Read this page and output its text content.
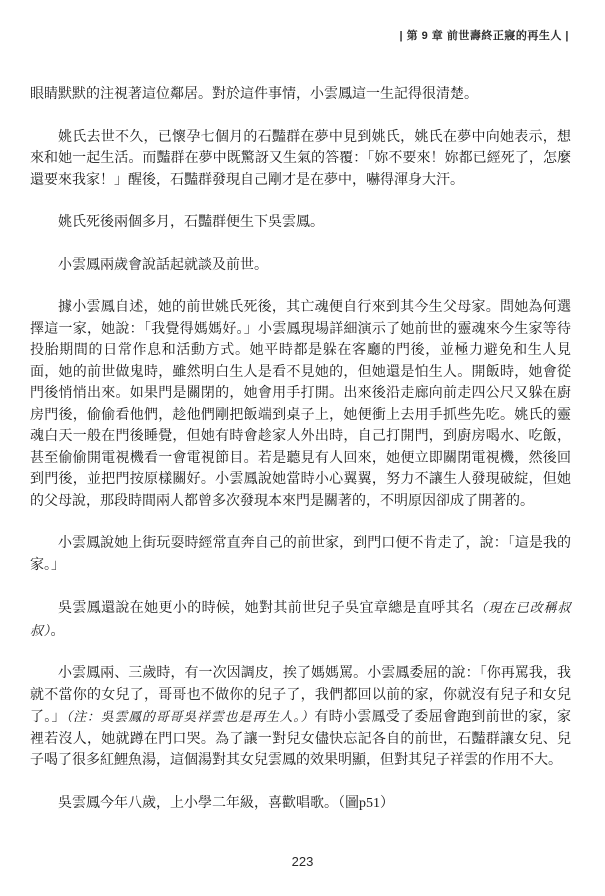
| 第 9 章 前世壽終正寢的再生人 |

眼睛默默的注視著這位鄰居。對於這件事情，小雲鳳這一生記得很清楚。

姚氏去世不久，已懷孕七個月的石豔群在夢中見到姚氏，姚氏在夢中向她表示，想來和她一起生活。而豔群在夢中既驚訝又生氣的答覆：「妳不要來！妳都已經死了，怎麼還要來我家！」醒後，石豔群發現自己剛才是在夢中，嚇得渾身大汗。

姚氏死後兩個多月，石豔群便生下吳雲鳳。

小雲鳳兩歲會說話起就談及前世。

據小雲鳳自述，她的前世姚氏死後，其亡魂便自行來到其今生父母家。問她為何選擇這一家，她說：「我覺得媽媽好。」小雲鳳現場詳細演示了她前世的靈魂來今生家等待投胎期間的日常作息和活動方式。她平時都是躲在客廳的門後，並極力避免和生人見面，她的前世做鬼時，雖然明白生人是看不見她的，但她還是怕生人。開飯時，她會從門後悄悄出來。如果門是關閉的，她會用手打開。出來後沿走廊向前走四公尺又躲在廚房門後，偷偷看他們，趁他們剛把飯端到桌子上，她便衝上去用手抓些先吃。姚氏的靈魂白天一般在門後睡覺，但她有時會趁家人外出時，自己打開門，到廚房喝水、吃飯，甚至偷偷開電視機看一會電視節目。若是聽見有人回來，她便立即關閉電視機，然後回到門後，並把門按原樣關好。小雲鳳說她當時小心翼翼，努力不讓生人發現破綻，但她的父母說，那段時間兩人都曾多次發現本來門是關著的，不明原因卻成了開著的。

小雲鳳說她上街玩耍時經常直奔自己的前世家，到門口便不肯走了，說：「這是我的家。」

吳雲鳳還說在她更小的時候，她對其前世兒子吳宜章總是直呼其名（現在已改稱叔叔）。

小雲鳳兩、三歲時，有一次因調皮，挨了媽媽罵。小雲鳳委屈的說：「你再罵我，我就不當你的女兒了，哥哥也不做你的兒子了，我們都回以前的家，你就沒有兒子和女兒了。」（注：吳雲鳳的哥哥吳祥雲也是再生人。）有時小雲鳳受了委屈會跑到前世的家，家裡若沒人，她就蹲在門口哭。為了讓一對兒女儘快忘記各自的前世，石豔群讓女兒、兒子喝了很多紅鯉魚湯，這個湯對其女兒雲鳳的效果明顯，但對其兒子祥雲的作用不大。

吳雲鳳今年八歲，上小學二年級，喜歡唱歌。（圖p51）

223
